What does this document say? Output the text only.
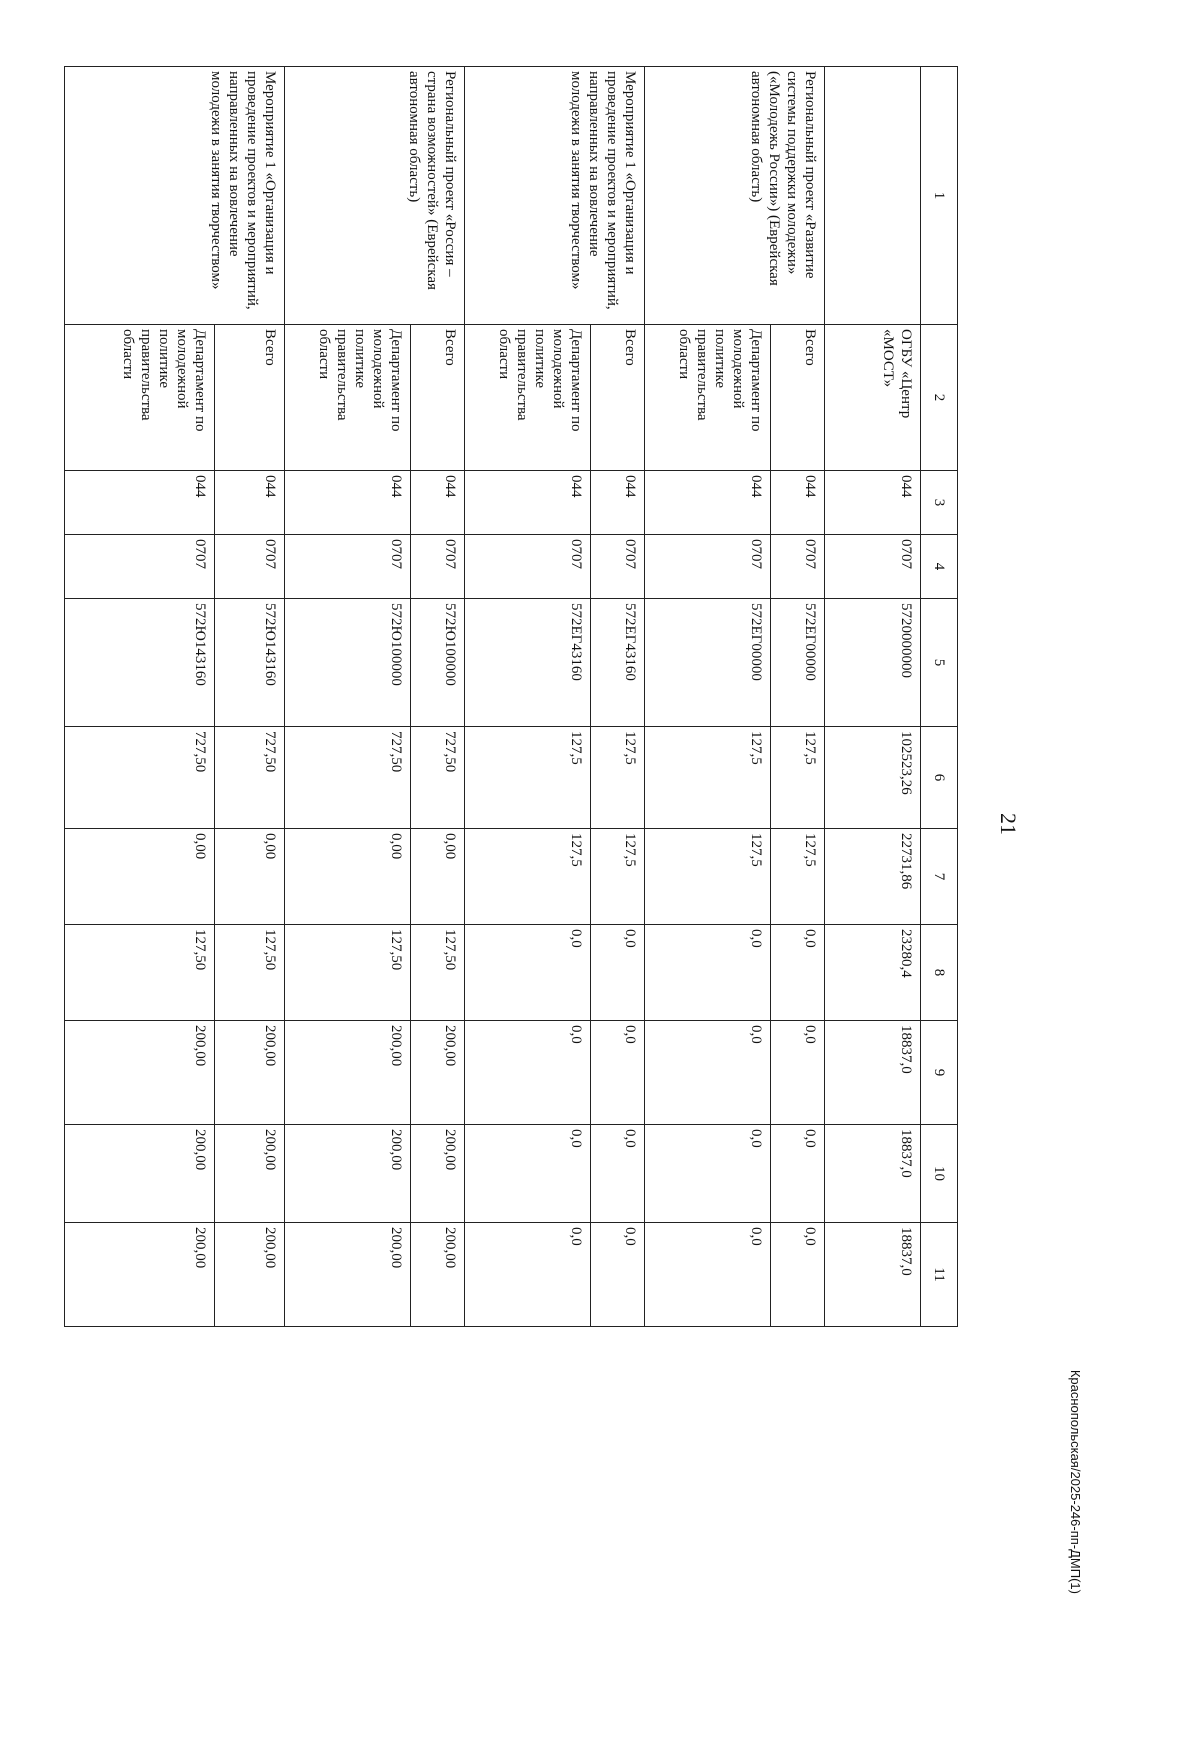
21
1	2	3	4	5	6	7	8	9	10	11
	ОГБУ «Центр «МОСТ»	044	0707	5720000000	102523,26	22731,86	23280,4	18837,0	18837,0	18837,0
Региональный проект «Развитие системы поддержки молодежи» («Молодежь России») (Еврейская автономная область)	Всего	044	0707	572ЕГ00000	127,5	127,5	0,0	0,0	0,0	0,0
	Департамент по молодежной политике правительства области	044	0707	572ЕГ00000	127,5	127,5	0,0	0,0	0,0	0,0
Мероприятие 1 «Организация и проведение проектов и мероприятий, направленных на вовлечение молодежи в занятия творчеством»	Всего	044	0707	572ЕГ43160	127,5	127,5	0,0	0,0	0,0	0,0
	Департамент по молодежной политике правительства области	044	0707	572ЕГ43160	127,5	127,5	0,0	0,0	0,0	0,0
Региональный проект «Россия – страна возможностей» (Еврейская автономная область)	Всего	044	0707	572Ю100000	727,50	0,00	127,50	200,00	200,00	200,00
	Департамент по молодежной политике правительства области	044	0707	572Ю100000	727,50	0,00	127,50	200,00	200,00	200,00
Мероприятие 1 «Организация и проведение проектов и мероприятий, направленных на вовлечение молодежи в занятия творчеством»	Всего	044	0707	572Ю143160	727,50	0,00	127,50	200,00	200,00	200,00
	Департамент по молодежной политике правительства области	044	0707	572Ю143160	727,50	0,00	127,50	200,00	200,00	200,00
Краснопольская/2025-246-пп-ДМП(1)
